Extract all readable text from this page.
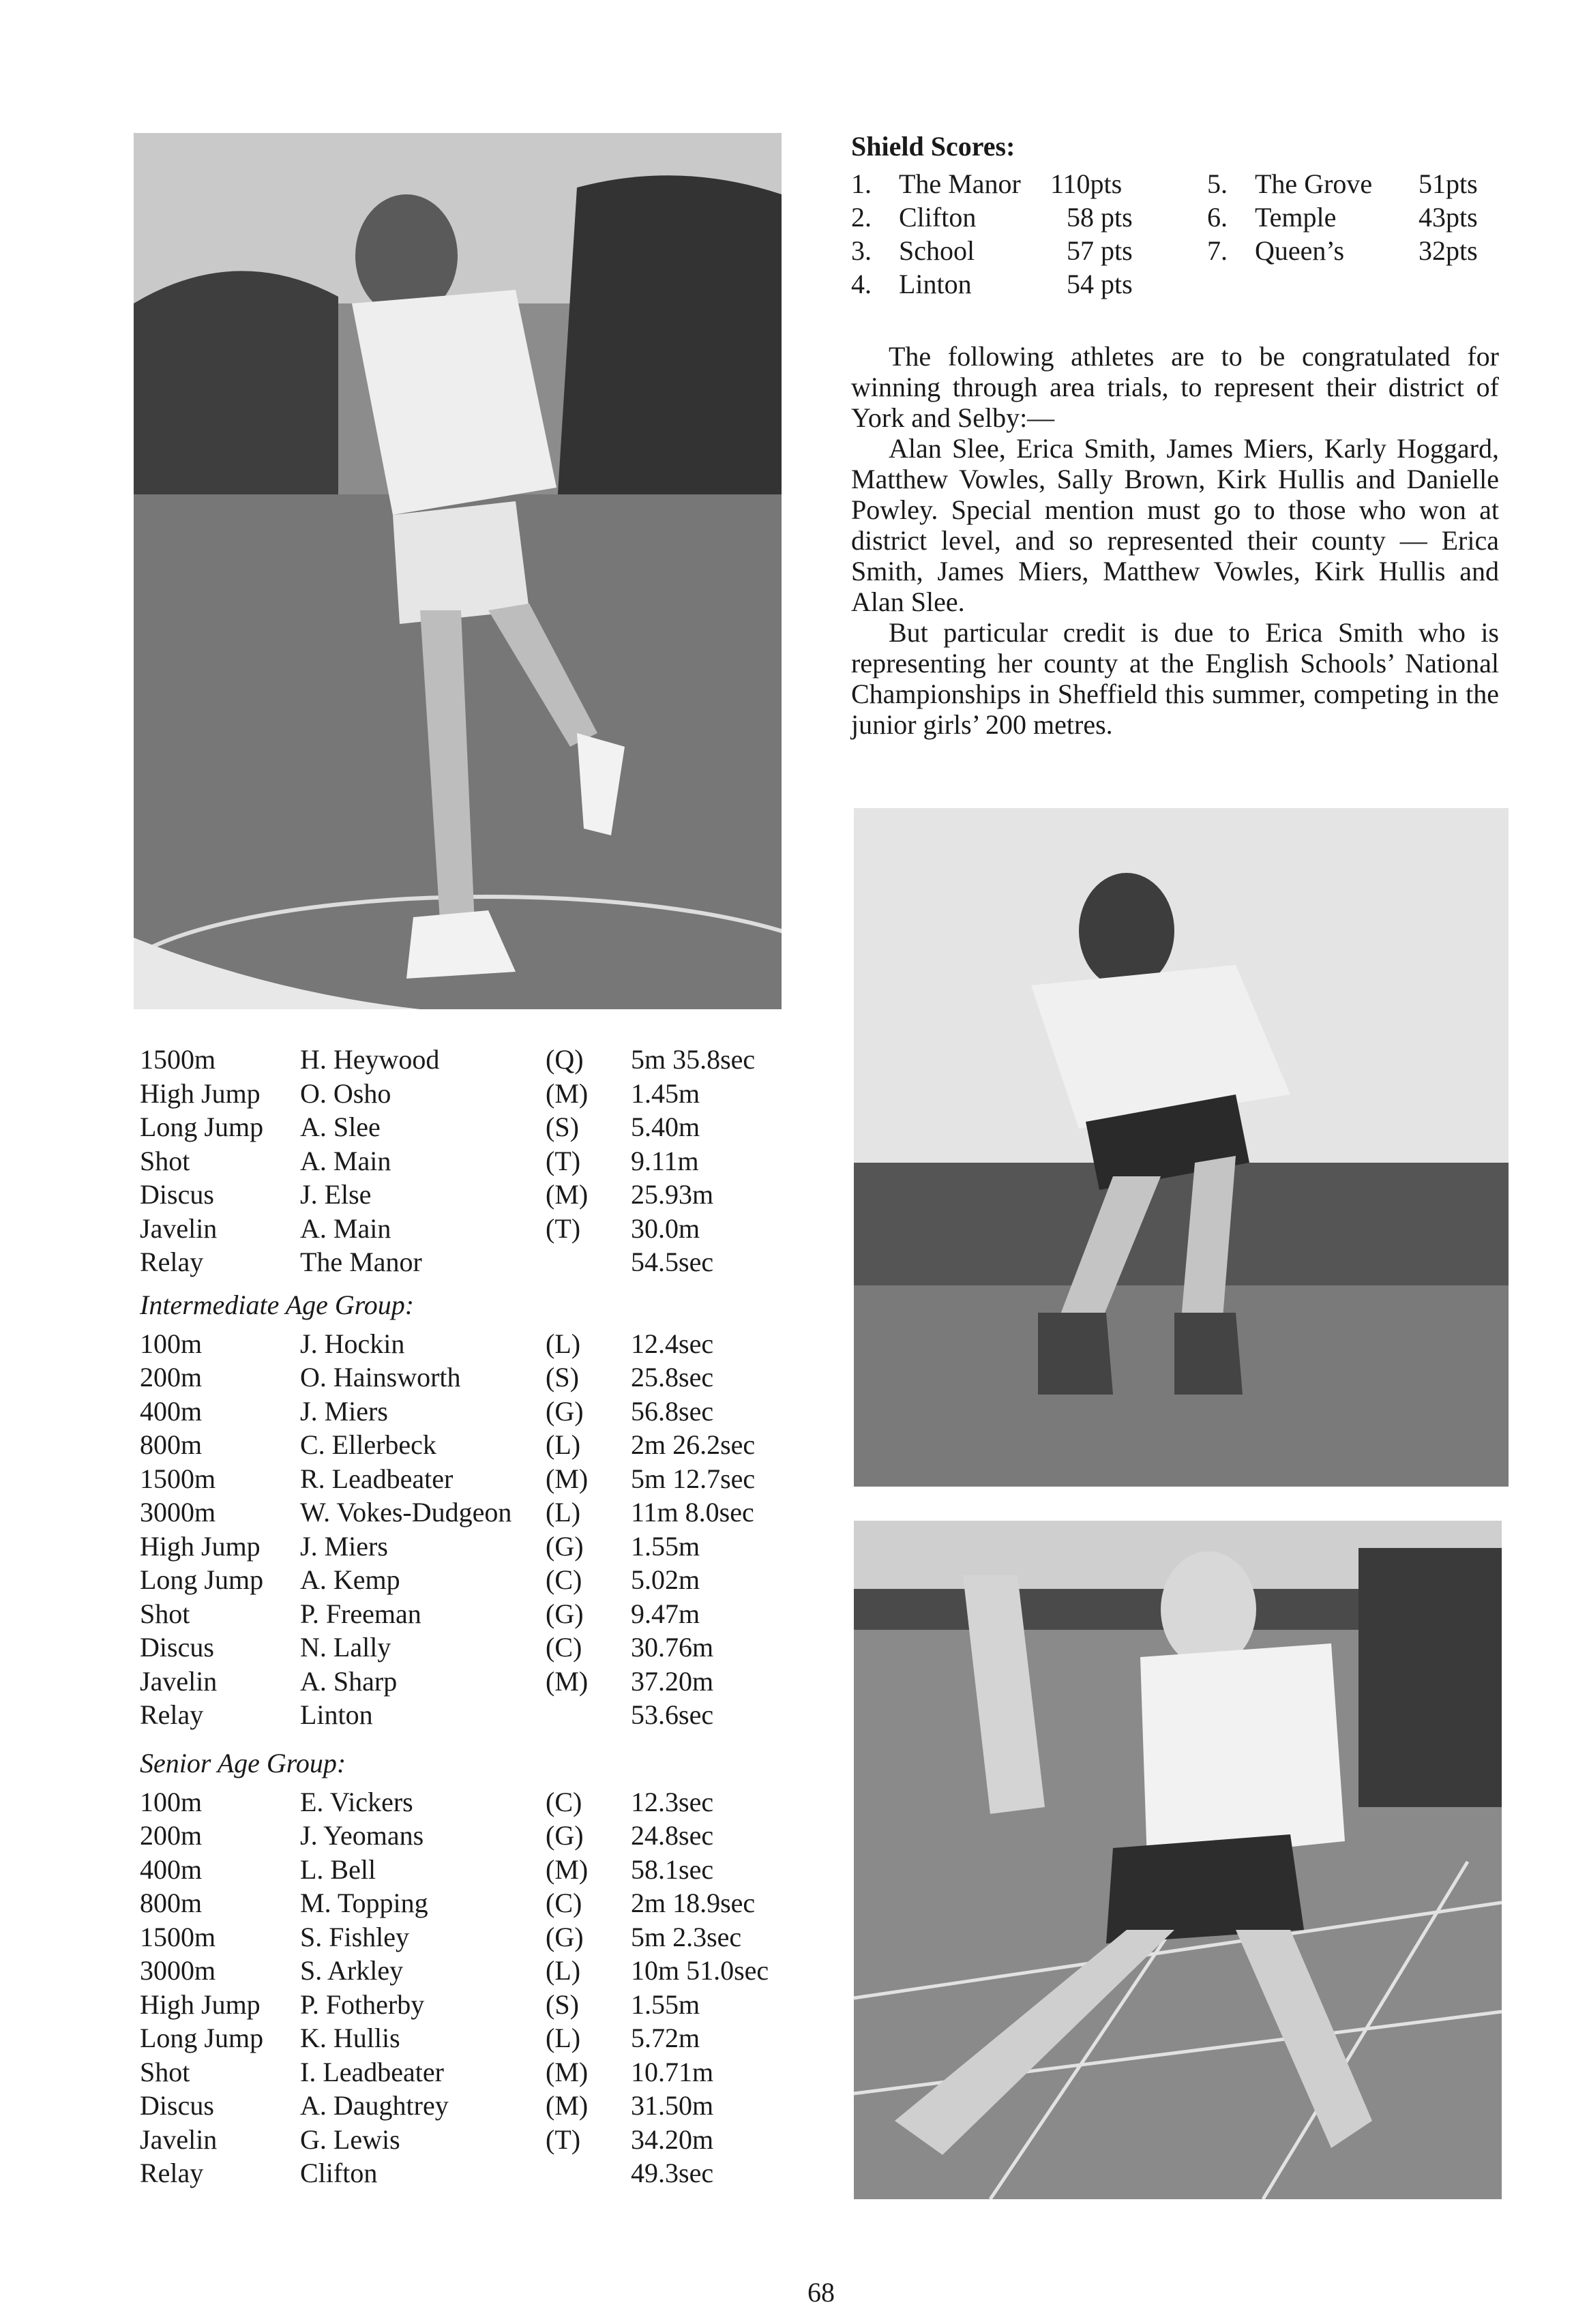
Shield Scores:
1. The Manor 110pts	5. The Grove 51pts
2. Clifton	58 pts	6. Temple	43pts
3. School	57 pts	7. Queen’s	32pts
4. Linton	54 pts

The following athletes are to be congratulated for winning through area trials, to represent their district of York and Selby:—

Alan Slee, Erica Smith, James Miers, Karly Hoggard, Matthew Vowles, Sally Brown, Kirk Hullis and Danielle Powley. Special mention must go to those who won at district level, and so represented their county — Erica Smith, James Miers, Matthew Vowles, Kirk Hullis and Alan Slee.

But particular credit is due to Erica Smith who is representing her county at the English Schools’ National Championships in Sheffield this summer, competing in the junior girls’ 200 metres.

1500m	H. Heywood	(Q) 5m 35.8sec
High Jump O. Osho	(M) 1.45m
Long Jump A. Slee	(S) 5.40m
Shot	A. Main	(T) 9.11m
Discus	J. Else	(M) 25.93m
Javelin	A. Main	(T) 30.0m
Relay	The Manor	54.5sec
Intermediate Age Group:
100m	J. Hockin	(L) 12.4sec
200m	O. Hainsworth	(S) 25.8sec
400m	J. Miers	(G) 56.8sec
800m	C. Ellerbeck	(L) 2m 26.2sec
1500m	R. Leadbeater	(M) 5m 12.7sec
3000m	W. Vokes-Dudgeon (L) 11m 8.0sec
High Jump J. Miers	(G) 1.55m
Long Jump A. Kemp	(C) 5.02m
Shot	P. Freeman	(G) 9.47m
Discus	N. Lally	(C) 30.76m
Javelin	A. Sharp	(M) 37.20m
Relay	Linton	53.6sec
Senior Age Group:
100m	E. Vickers	(C) 12.3sec
200m	J. Yeomans	(G) 24.8sec
400m	L. Bell	(M) 58.1sec
800m	M. Topping	(C) 2m 18.9sec
1500m	S. Fishley	(G) 5m 2.3sec
3000m	S. Arkley	(L) 10m 51.0sec
High Jump P. Fotherby	(S) 1.55m
Long Jump K. Hullis	(L) 5.72m
Shot	I. Leadbeater	(M) 10.71m
Discus	A. Daughtrey	(M) 31.50m
Javelin	G. Lewis	(T) 34.20m
Relay	Clifton	49.3sec
68
